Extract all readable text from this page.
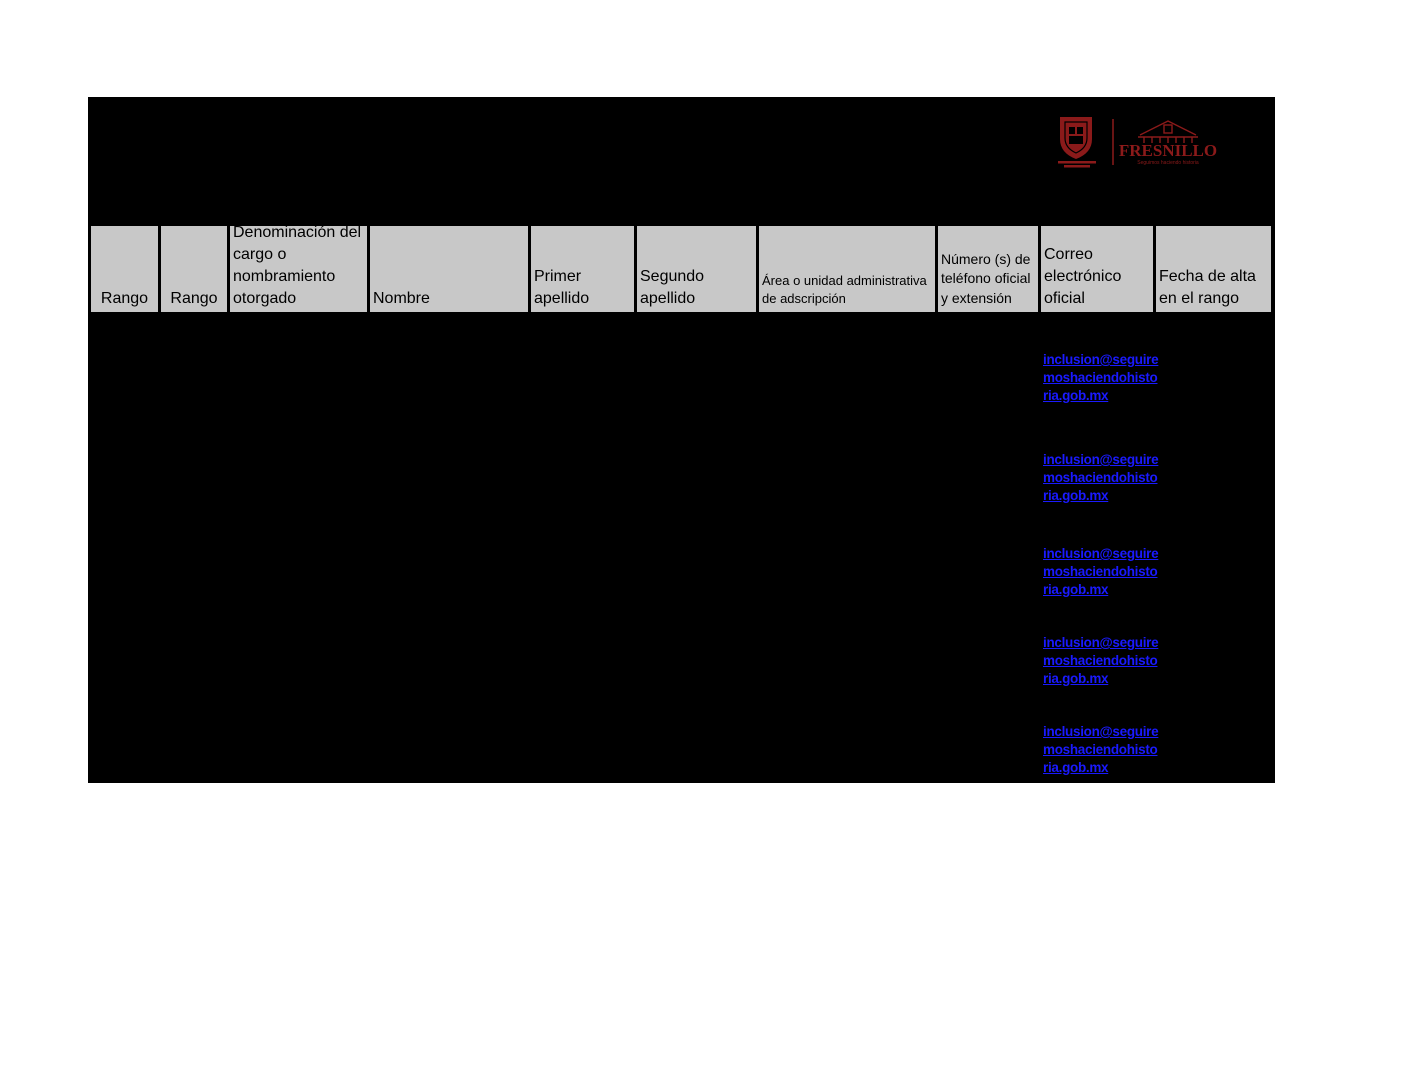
FRESNILLO
Seguimos haciendo historia
Rango Rango
Denominación del cargo o nombramiento otorgado	Nombre
Primer apellido
Segundo apellido
Área o unidad administrativa de adscripción
Número (s) de teléfono oficial y extensión
Correo electrónico oficial
Fecha de alta en el rango
inclusion@seguiremoshaciendohistoria.gob.mx
inclusion@seguiremoshaciendohistoria.gob.mx
inclusion@seguiremoshaciendohistoria.gob.mx
inclusion@seguiremoshaciendohistoria.gob.mx
inclusion@seguiremoshaciendohistoria.gob.mx
